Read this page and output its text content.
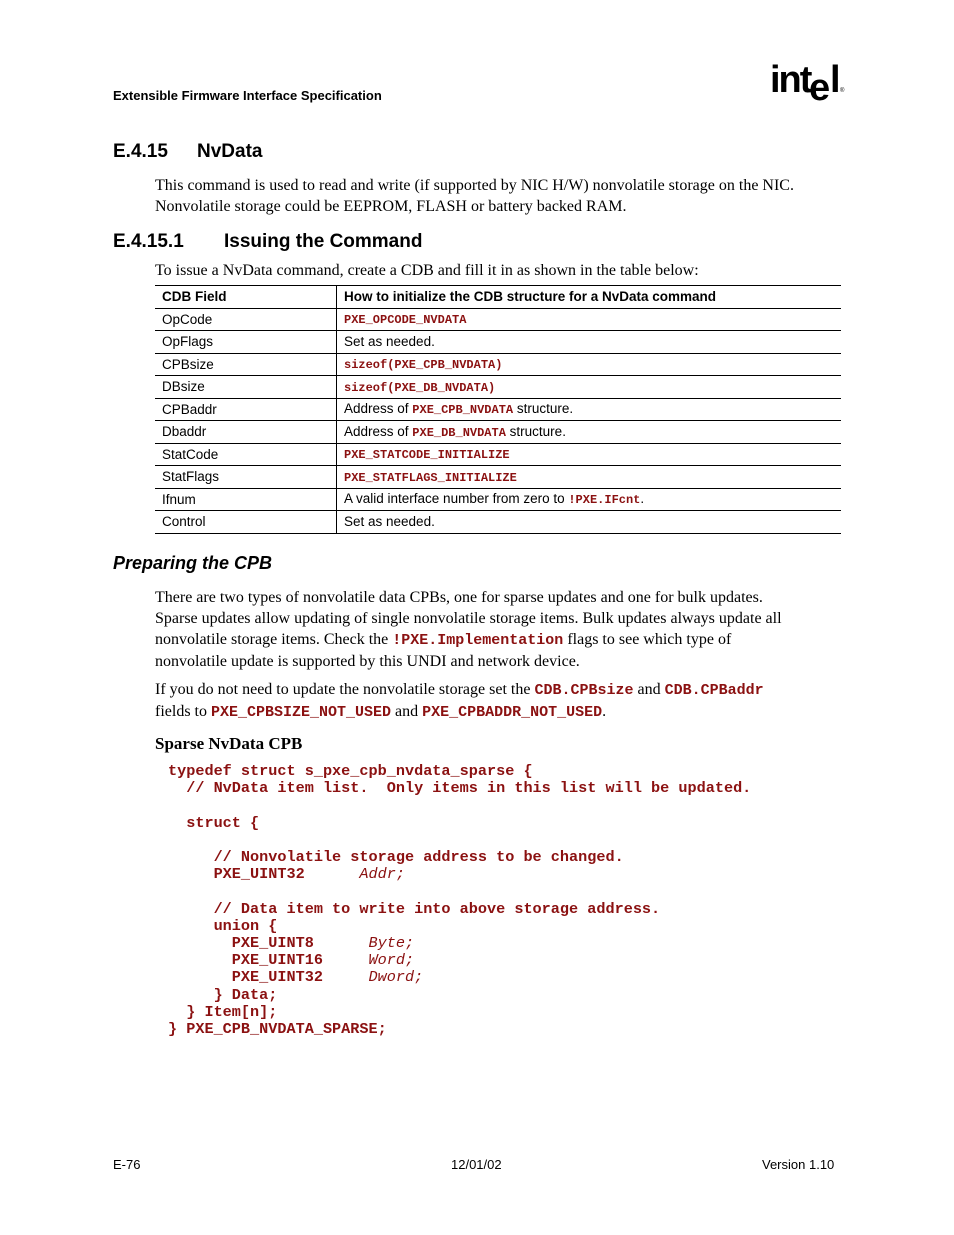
Extensible Firmware Interface Specification	int
e l ®
E.4.15 NvData
This command is used to read and write (if supported by NIC H/W) nonvolatile storage on the NIC.
Nonvolatile storage could be EEPROM, FLASH or battery backed RAM.
E.4.15.1 Issuing the Command
To issue a NvData command, create a CDB and fill it in as shown in the table below:
CDB Field	How to initialize the CDB structure for a NvData command
OpCode	PXE_OPCODE_NVDATA
OpFlags	Set as needed.
CPBsize	sizeof(PXE_CPB_NVDATA)
DBsize	sizeof(PXE_DB_NVDATA)
CPBaddr	Address of PXE_CPB_NVDATA structure.
Dbaddr	Address of PXE_DB_NVDATA structure.
StatCode	PXE_STATCODE_INITIALIZE
StatFlags	PXE_STATFLAGS_INITIALIZE
Ifnum	A valid interface number from zero to !PXE.IFcnt.
Control	Set as needed.
Preparing the CPB
There are two types of nonvolatile data CPBs, one for sparse updates and one for bulk updates.
Sparse updates allow updating of single nonvolatile storage items. Bulk updates always update all
nonvolatile storage items. Check the !PXE.Implementation flags to see which type of
nonvolatile update is supported by this UNDI and network device.
If you do not need to update the nonvolatile storage set the CDB.CPBsize and CDB.CPBaddr
fields to PXE_CPBSIZE_NOT_USED and PXE_CPBADDR_NOT_USED.
Sparse NvData CPB
typedef struct s_pxe_cpb_nvdata_sparse {
// NvData item list.  Only items in this list will be updated.

struct {

// Nonvolatile storage address to be changed.
PXE_UINT32	Addr;

// Data item to write into above storage address.
union {
PXE_UINT8	Byte;
PXE_UINT16	Word;
PXE_UINT32	Dword;
} Data;
} Item[n];
} PXE_CPB_NVDATA_SPARSE;
E-76	12/01/02	Version 1.10
